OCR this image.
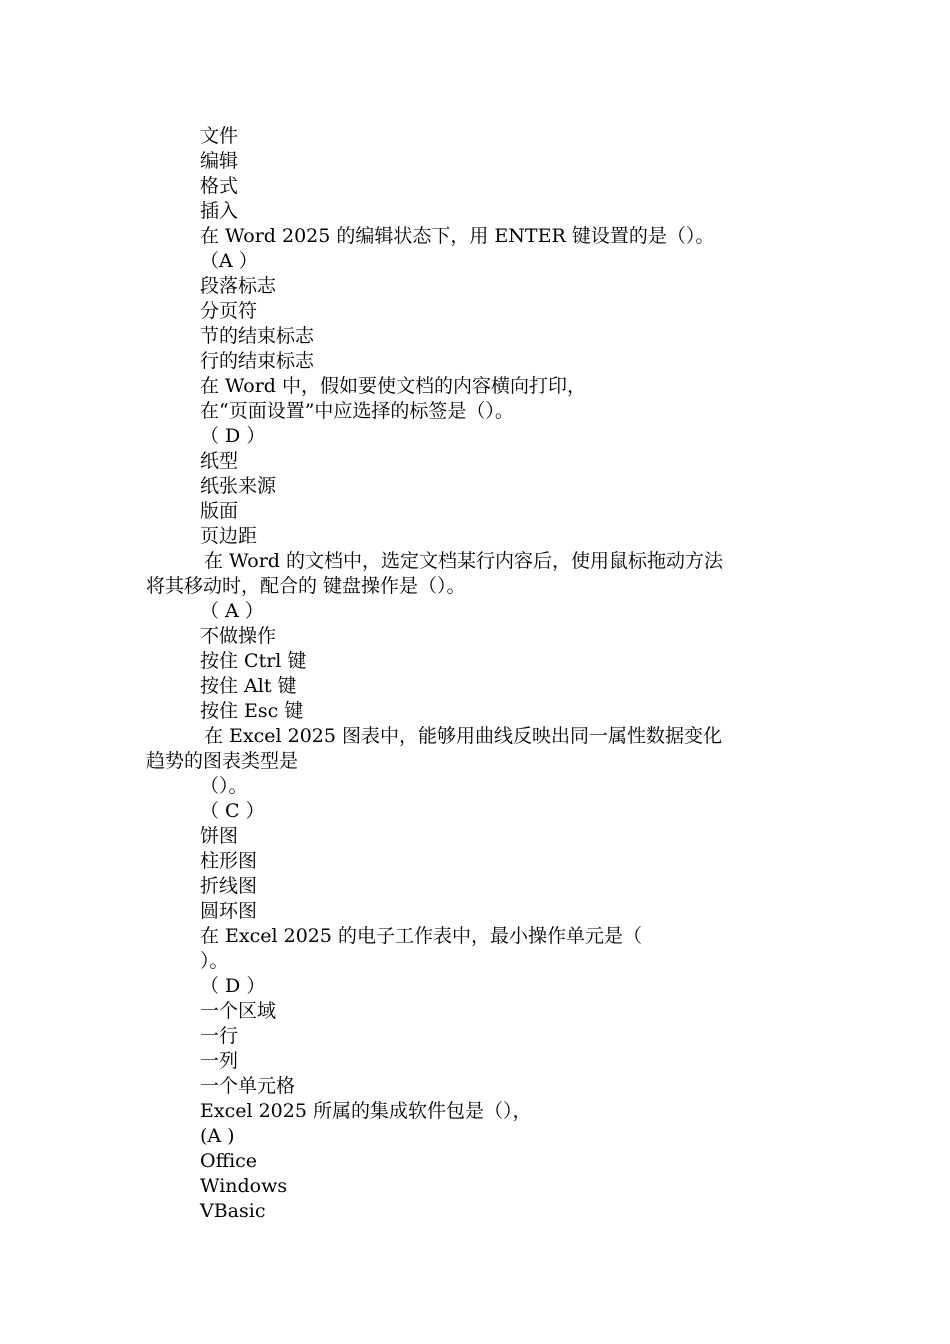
文件
编辑
格式
插入
在 Word 2025 的编辑状态下，用 ENTER 键设置的是（）。
（A ）
段落标志
分页符
节的结束标志
行的结束标志
在 Word 中，假如要使文档的内容横向打印，
在“页面设置”中应选择的标签是（）。
（ D ）
纸型
纸张来源
版面
页边距
在 Word 的文档中，选定文档某行内容后，使用鼠标拖动方法
将其移动时，配合的 键盘操作是（）。
（ A ）
不做操作
按住 Ctrl 键
按住 Alt 键
按住 Esc 键
在 Excel 2025 图表中，能够用曲线反映出同一属性数据变化
趋势的图表类型是
（）。
（ C ）
饼图
柱形图
折线图
圆环图
在 Excel 2025 的电子工作表中，最小操作单元是（
）。
（ D ）
一个区域
一行
一列
一个单元格
Excel 2025 所属的集成软件包是（），
(A )
Office
Windows
VBasic
